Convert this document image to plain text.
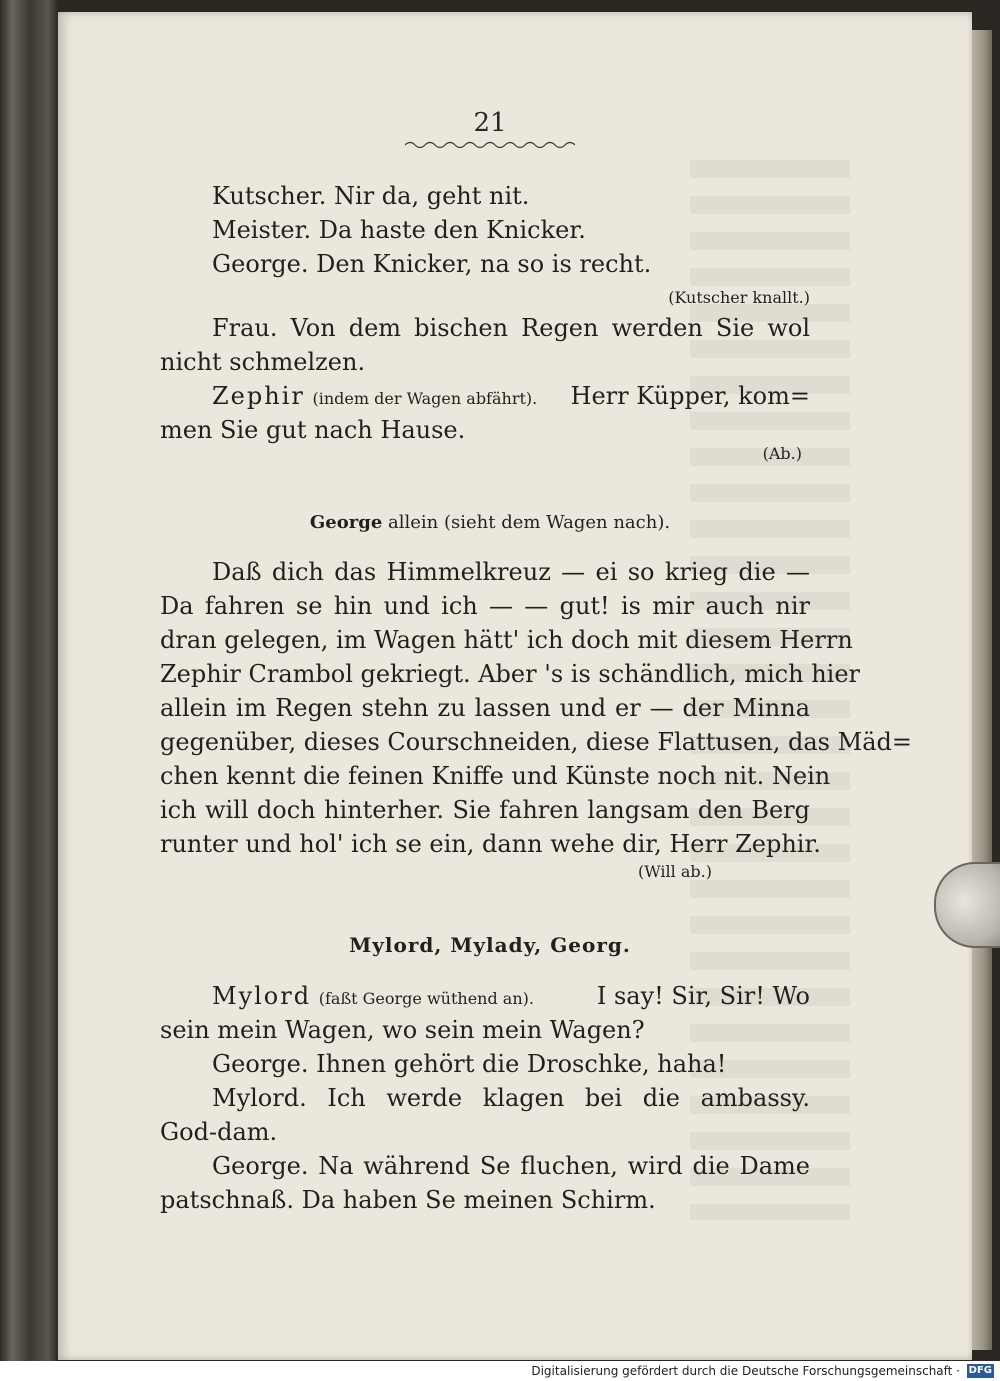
21
Kutscher. Nir da, geht nit.
Meister. Da haste den Knicker.
George. Den Knicker, na so is recht.
(Kutscher knallt.)
Frau. Von dem bischen Regen werden Sie wol
nicht schmelzen.
Zephir (indem der Wagen abfährt). Herr Küpper, kom=
men Sie gut nach Hause.
(Ab.)
George allein (sieht dem Wagen nach).
Daß dich das Himmelkreuz — ei so krieg die —
Da fahren se hin und ich — — gut! is mir auch nir
dran gelegen, im Wagen hätt' ich doch mit diesem Herrn
Zephir Crambol gekriegt. Aber 's is schändlich, mich hier
allein im Regen stehn zu lassen und er — der Minna
gegenüber, dieses Courschneiden, diese Flattusen, das Mäd=
chen kennt die feinen Kniffe und Künste noch nit. Nein
ich will doch hinterher. Sie fahren langsam den Berg
runter und hol' ich se ein, dann wehe dir, Herr Zephir.
(Will ab.)
Mylord, Mylady, Georg.
Mylord (faßt George wüthend an).	I say! Sir, Sir! Wo
sein mein Wagen, wo sein mein Wagen?
George. Ihnen gehört die Droschke, haha!
Mylord. Ich werde klagen bei die ambassy.
God-dam.
George. Na während Se fluchen, wird die Dame
patschnaß. Da haben Se meinen Schirm.
Digitalisierung gefördert durch die Deutsche Forschungsgemeinschaft · DFG
